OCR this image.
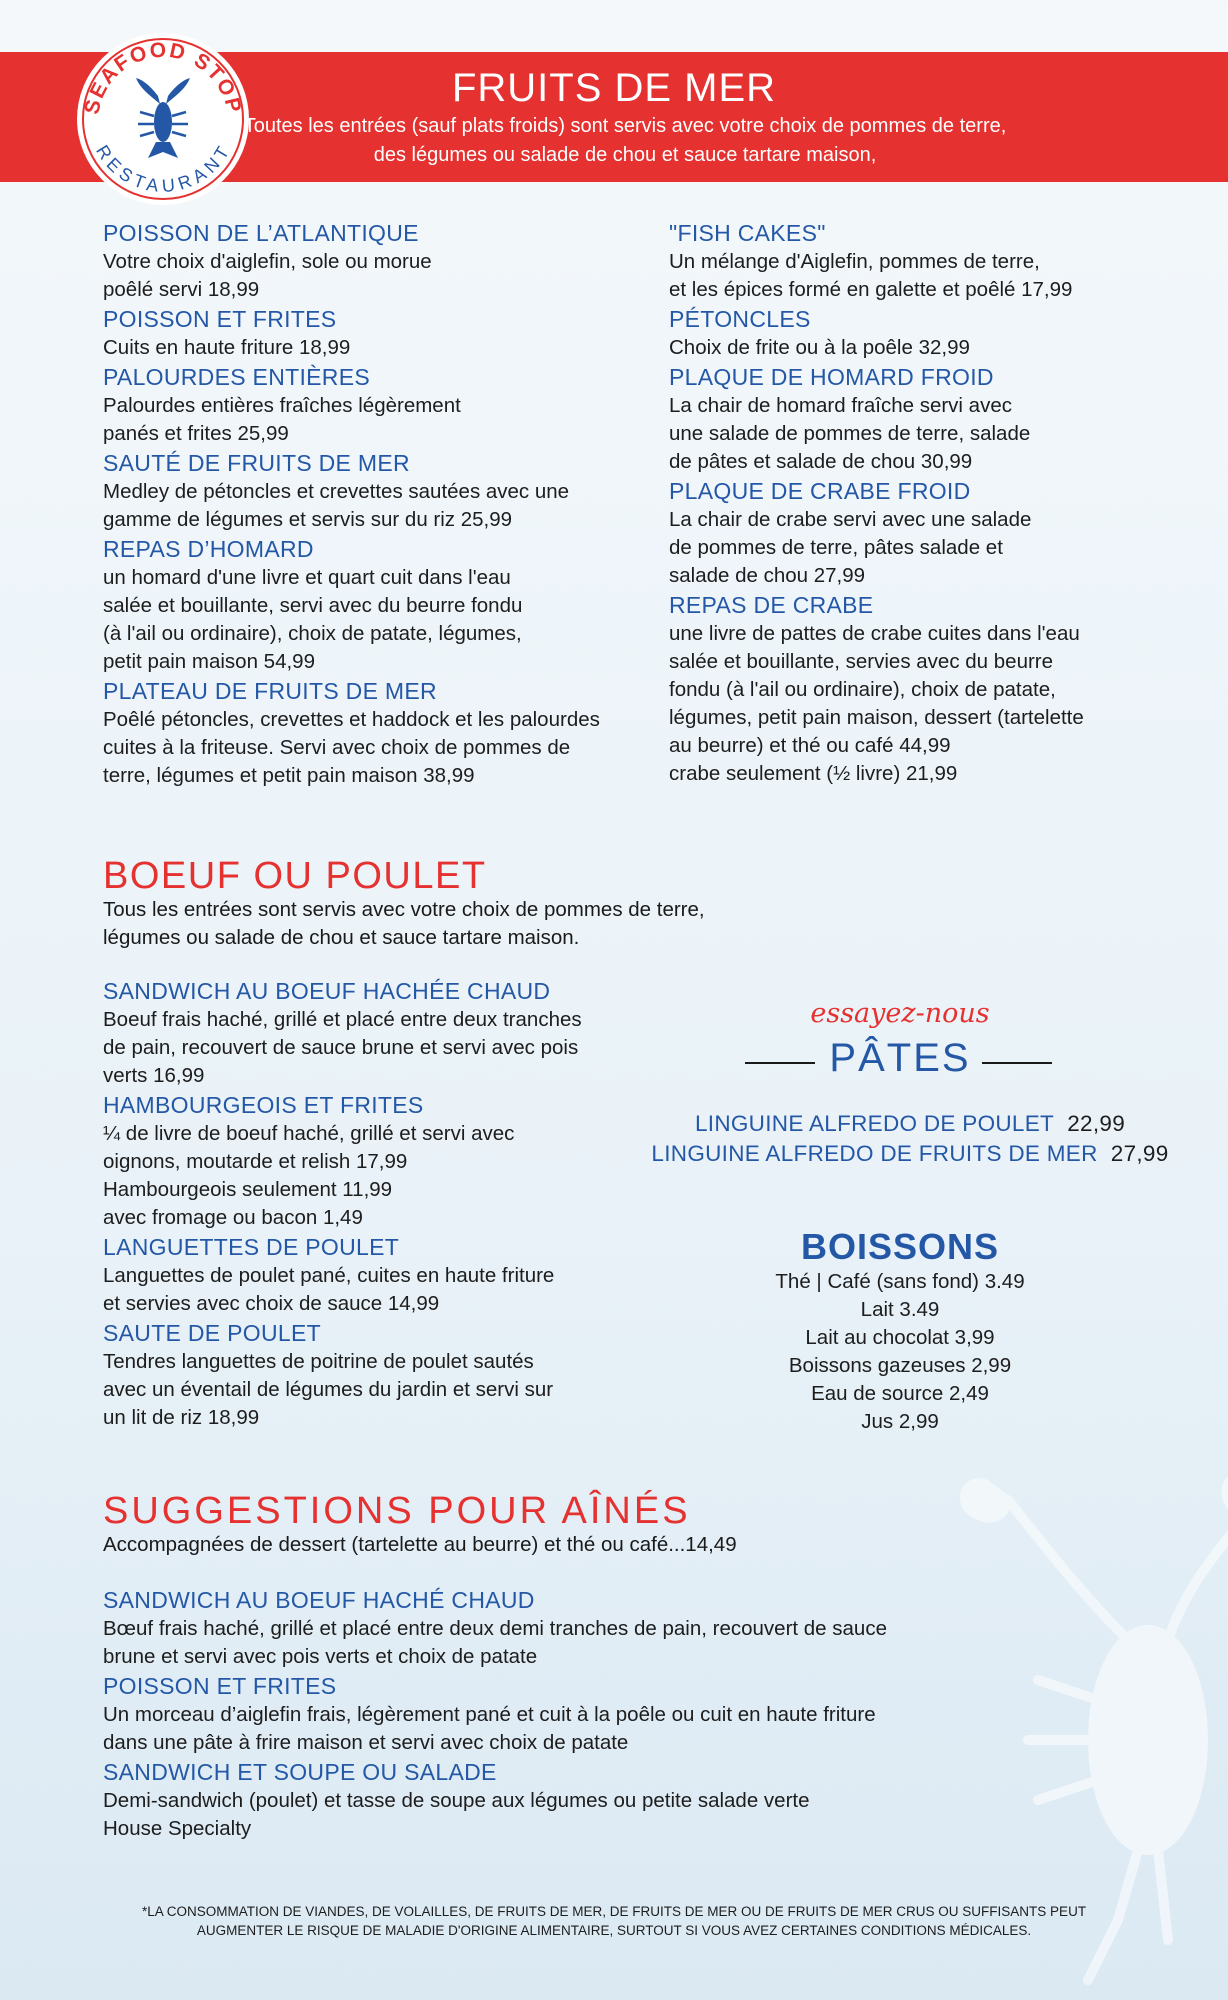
SEAFOOD STOP
RESTAURANT
FRUITS DE MER
Toutes les entrées (sauf plats froids) sont servis avec votre choix de pommes de terre, des légumes ou salade de chou et sauce tartare maison,
POISSON DE L’ATLANTIQUE
Votre choix d'aiglefin, sole ou morue
poêlé servi 18,99
POISSON ET FRITES
Cuits en haute friture 18,99
PALOURDES ENTIÈRES
Palourdes entières fraîches légèrement
panés et frites 25,99
SAUTÉ DE FRUITS DE MER
Medley de pétoncles et crevettes sautées avec une
gamme de légumes et servis sur du riz 25,99
REPAS D’HOMARD
un homard d'une livre et quart cuit dans l'eau
salée et bouillante, servi avec du beurre fondu
(à l'ail ou ordinaire), choix de patate, légumes,
petit pain maison 54,99
PLATEAU DE FRUITS DE MER
Poêlé pétoncles, crevettes et haddock et les palourdes
cuites à la friteuse. Servi avec choix de pommes de
terre, légumes et petit pain maison 38,99
"FISH CAKES"
Un mélange d'Aiglefin, pommes de terre,
et les épices formé en galette et poêlé 17,99
PÉTONCLES
Choix de frite ou à la poêle 32,99
PLAQUE DE HOMARD FROID
La chair de homard fraîche servi avec
une salade de pommes de terre, salade
de pâtes et salade de chou 30,99
PLAQUE DE CRABE FROID
La chair de crabe servi avec une salade
de pommes de terre, pâtes salade et
salade de chou 27,99
REPAS DE CRABE
une livre de pattes de crabe cuites dans l'eau
salée et bouillante, servies avec du beurre
fondu (à l'ail ou ordinaire), choix de patate,
légumes, petit pain maison, dessert (tartelette
au beurre) et thé ou café 44,99
crabe seulement (½ livre) 21,99
BOEUF OU POULET
Tous les entrées sont servis avec votre choix de pommes de terre,
légumes ou salade de chou et sauce tartare maison.
SANDWICH AU BOEUF HACHÉE CHAUD
Boeuf frais haché, grillé et placé entre deux tranches
de pain, recouvert de sauce brune et servi avec pois
verts 16,99
HAMBOURGEOIS ET FRITES
¼ de livre de boeuf haché, grillé et servi avec
oignons, moutarde et relish 17,99
Hambourgeois seulement 11,99
avec fromage ou bacon 1,49
LANGUETTES DE POULET
Languettes de poulet pané, cuites en haute friture
et servies avec choix de sauce 14,99
SAUTE DE POULET
Tendres languettes de poitrine de poulet sautés
avec un éventail de légumes du jardin et servi sur
un lit de riz 18,99
essayez-nous
PÂTES
LINGUINE ALFREDO DE POULET 22,99
LINGUINE ALFREDO DE FRUITS DE MER 27,99
BOISSONS
Thé | Café (sans fond) 3.49
Lait 3.49
Lait au chocolat 3,99
Boissons gazeuses 2,99
Eau de source 2,49
Jus 2,99
SUGGESTIONS POUR AÎNÉS
Accompagnées de dessert (tartelette au beurre) et thé ou café...14,49
SANDWICH AU BOEUF HACHÉ CHAUD
Bœuf frais haché, grillé et placé entre deux demi tranches de pain, recouvert de sauce
brune et servi avec pois verts et choix de patate
POISSON ET FRITES
Un morceau d’aiglefin frais, légèrement pané et cuit à la poêle ou cuit en haute friture
dans une pâte à frire maison et servi avec choix de patate
SANDWICH ET SOUPE OU SALADE
Demi-sandwich (poulet) et tasse de soupe aux légumes ou petite salade verte
House Specialty
*LA CONSOMMATION DE VIANDES, DE VOLAILLES, DE FRUITS DE MER, DE FRUITS DE MER OU DE FRUITS DE MER CRUS OU SUFFISANTS PEUT
AUGMENTER LE RISQUE DE MALADIE D'ORIGINE ALIMENTAIRE, SURTOUT SI VOUS AVEZ CERTAINES CONDITIONS MÉDICALES.
